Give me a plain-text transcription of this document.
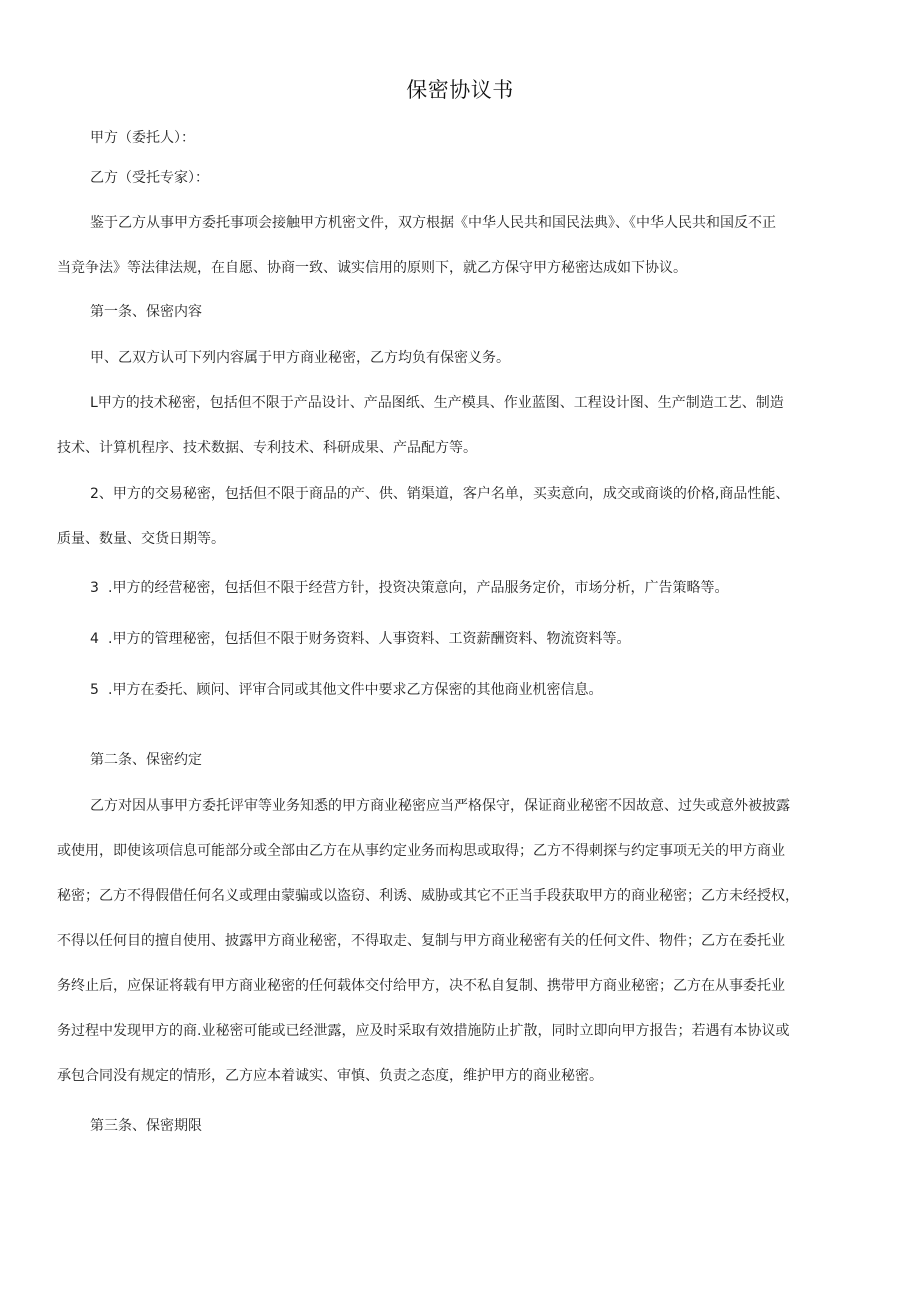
保密协议书
甲方（委托人）：
乙方（受托专家）：
鉴于乙方从事甲方委托事项会接触甲方机密文件，双方根据《中华人民共和国民法典》、《中华人民共和国反不正
当竞争法》等法律法规，在自愿、协商一致、诚实信用的原则下，就乙方保守甲方秘密达成如下协议。
第一条、保密内容
甲、乙双方认可下列内容属于甲方商业秘密，乙方均负有保密义务。
L甲方的技术秘密，包括但不限于产品设计、产品图纸、生产模具、作业蓝图、工程设计图、生产制造工艺、制造
技术、计算机程序、技术数据、专利技术、科研成果、产品配方等。
2、甲方的交易秘密，包括但不限于商品的产、供、销渠道，客户名单，买卖意向，成交或商谈的价格,商品性能、
质量、数量、交货日期等。
3 .甲方的经营秘密，包括但不限于经营方针，投资决策意向，产品服务定价，市场分析，广告策略等。
4 .甲方的管理秘密，包括但不限于财务资料、人事资料、工资薪酬资料、物流资料等。
5 .甲方在委托、顾问、评审合同或其他文件中要求乙方保密的其他商业机密信息。
第二条、保密约定
乙方对因从事甲方委托评审等业务知悉的甲方商业秘密应当严格保守，保证商业秘密不因故意、过失或意外被披露
或使用，即使该项信息可能部分或全部由乙方在从事约定业务而构思或取得；乙方不得刺探与约定事项无关的甲方商业
秘密；乙方不得假借任何名义或理由蒙骗或以盗窃、利诱、威胁或其它不正当手段获取甲方的商业秘密；乙方未经授权，
不得以任何目的擅自使用、披露甲方商业秘密，不得取走、复制与甲方商业秘密有关的任何文件、物件；乙方在委托业
务终止后，应保证将载有甲方商业秘密的任何载体交付给甲方，决不私自复制、携带甲方商业秘密；乙方在从事委托业
务过程中发现甲方的商.业秘密可能或已经泄露，应及时采取有效措施防止扩散，同时立即向甲方报告；若遇有本协议或
承包合同没有规定的情形，乙方应本着诚实、审慎、负责之态度，维护甲方的商业秘密。
第三条、保密期限
